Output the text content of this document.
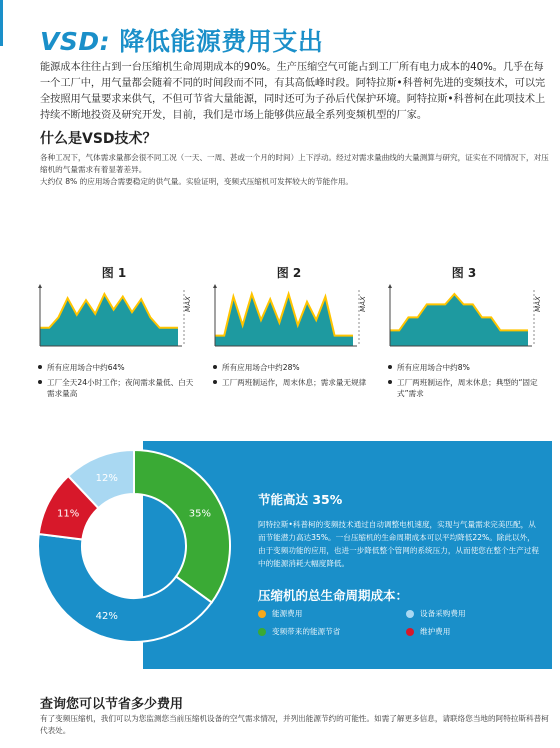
VSD: 降低能源费用支出

能源成本往往占到一台压缩机生命周期成本的90%。生产压缩空气可能占到工厂所有电力成本的40%。几乎在每一个工厂中，用气量都会随着不同的时间段而不同，有其高低峰时段。阿特拉斯•科普柯先进的变频技术，可以完全按照用气量要求来供气，不但可节省大量能源，同时还可为子孙后代保护环境。阿特拉斯•科普柯在此项技术上持续不断地投资及研究开发，目前，我们是市场上能够供应最全系列变频机型的厂家。

什么是VSD技术？

各种工况下，气体需求量都会很不同工况（一天、一周、甚或一个月的时间）上下浮动。经过对需求量曲线的大量测算与研究，证实在不同情况下，对压缩机的气量需求有着显著差异。

大约仅 8% 的应用场合需要稳定的供气量。实验证明，变频式压缩机可发挥较大的节能作用。

图 1	图 2	图 3
MAX	MAX	MAX
所有应用场合中约64%
工厂全天24小时工作；夜间需求量低、白天需求量高
所有应用场合中约28%
工厂两班制运作，周末休息；需求量无规律
所有应用场合中约8%
工厂两班制运作，周末休息；典型的“固定式”需求
35%
42%
11%
12%
节能高达 35%

阿特拉斯•科普柯的变频技术通过自动调整电机速度，实现与气量需求完美匹配，从而节能潜力高达35%。一台压缩机的生命周期成本可以平均降低22%。除此以外，由于变频功能的应用，也进一步降低整个管网的系统压力，从而使您在整个生产过程中的能源消耗大幅度降低。

压缩机的总生命周期成本：
能源费用	设备采购费用
变频带来的能源节省	维护费用
查询您可以节省多少费用

有了变频压缩机，我们可以为您监测您当前压缩机设备的空气需求情况，并列出能源节约的可能性。如需了解更多信息，请联络您当地的阿特拉斯科普柯代表处。
